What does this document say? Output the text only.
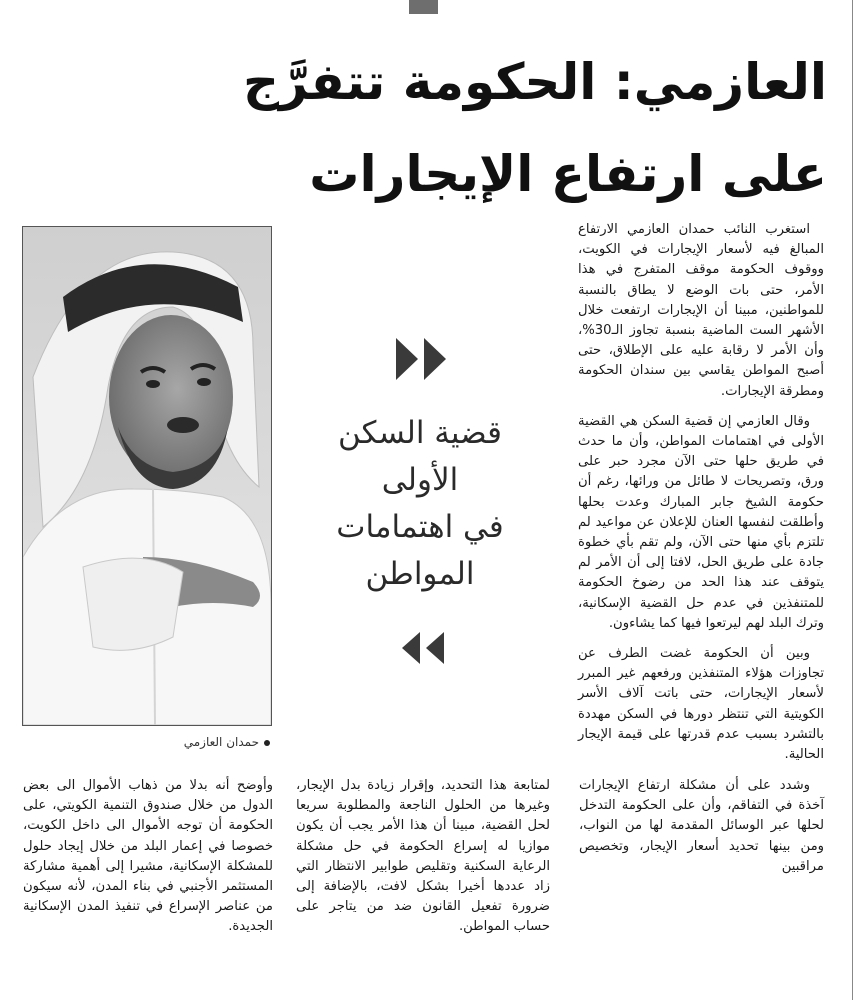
العازمي: الحكومة تتفرَّج
على ارتفاع الإيجارات

استغرب النائب حمدان العازمي الارتفاع المبالغ فيه لأسعار الإيجارات في الكويت، ووقوف الحكومة موقف المتفرج في هذا الأمر، حتى بات الوضع لا يطاق بالنسبة للمواطنين، مبينا أن الإيجارات ارتفعت خلال الأشهر الست الماضية بنسبة تجاوز الـ30%، وأن الأمر لا رقابة عليه على الإطلاق، حتى أصبح المواطن يقاسي بين سندان الحكومة ومطرقة الإيجارات.

وقال العازمي إن قضية السكن هي القضية الأولى في اهتمامات المواطن، وأن ما حدث في طريق حلها حتى الآن مجرد حبر على ورق، وتصريحات لا طائل من ورائها، رغم أن حكومة الشيخ جابر المبارك وعدت بحلها وأطلقت لنفسها العنان للإعلان عن مواعيد لم تلتزم بأي منها حتى الآن، ولم تقم بأي خطوة جادة على طريق الحل، لافتا إلى أن الأمر لم يتوقف عند هذا الحد من رضوخ الحكومة للمتنفذين في عدم حل القضية الإسكانية، وترك البلد لهم ليرتعوا فيها كما يشاءون.

وبين أن الحكومة غضت الطرف عن تجاوزات هؤلاء المتنفذين ورفعهم غير المبرر لأسعار الإيجارات، حتى باتت آلاف الأسر الكويتية التي تنتظر دورها في السكن مهددة بالتشرد بسبب عدم قدرتها على قيمة الإيجار الحالية.

حمدان العازمي

قضية السكن
الأولى
في اهتمامات
المواطن

وشدد على أن مشكلة ارتفاع الإيجارات آخذة في التفاقم، وأن على الحكومة التدخل لحلها عبر الوسائل المقدمة لها من النواب، ومن بينها تحديد أسعار الإيجار، وتخصيص مراقبين

لمتابعة هذا التحديد، وإقرار زيادة بدل الإيجار، وغيرها من الحلول الناجعة والمطلوبة سريعا لحل القضية، مبينا أن هذا الأمر يجب أن يكون موازيا له إسراع الحكومة في حل مشكلة الرعاية السكنية وتقليص طوابير الانتظار التي زاد عددها أخيرا بشكل لافت، بالإضافة إلى ضرورة تفعيل القانون ضد من يتاجر على حساب المواطن.

وأوضح أنه بدلا من ذهاب الأموال الى بعض الدول من خلال صندوق التنمية الكويتي، على الحكومة أن توجه الأموال الى داخل الكويت، خصوصا في إعمار البلد من خلال إيجاد حلول للمشكلة الإسكانية، مشيرا إلى أهمية مشاركة المستثمر الأجنبي في بناء المدن، لأنه سيكون من عناصر الإسراع في تنفيذ المدن الإسكانية الجديدة.
